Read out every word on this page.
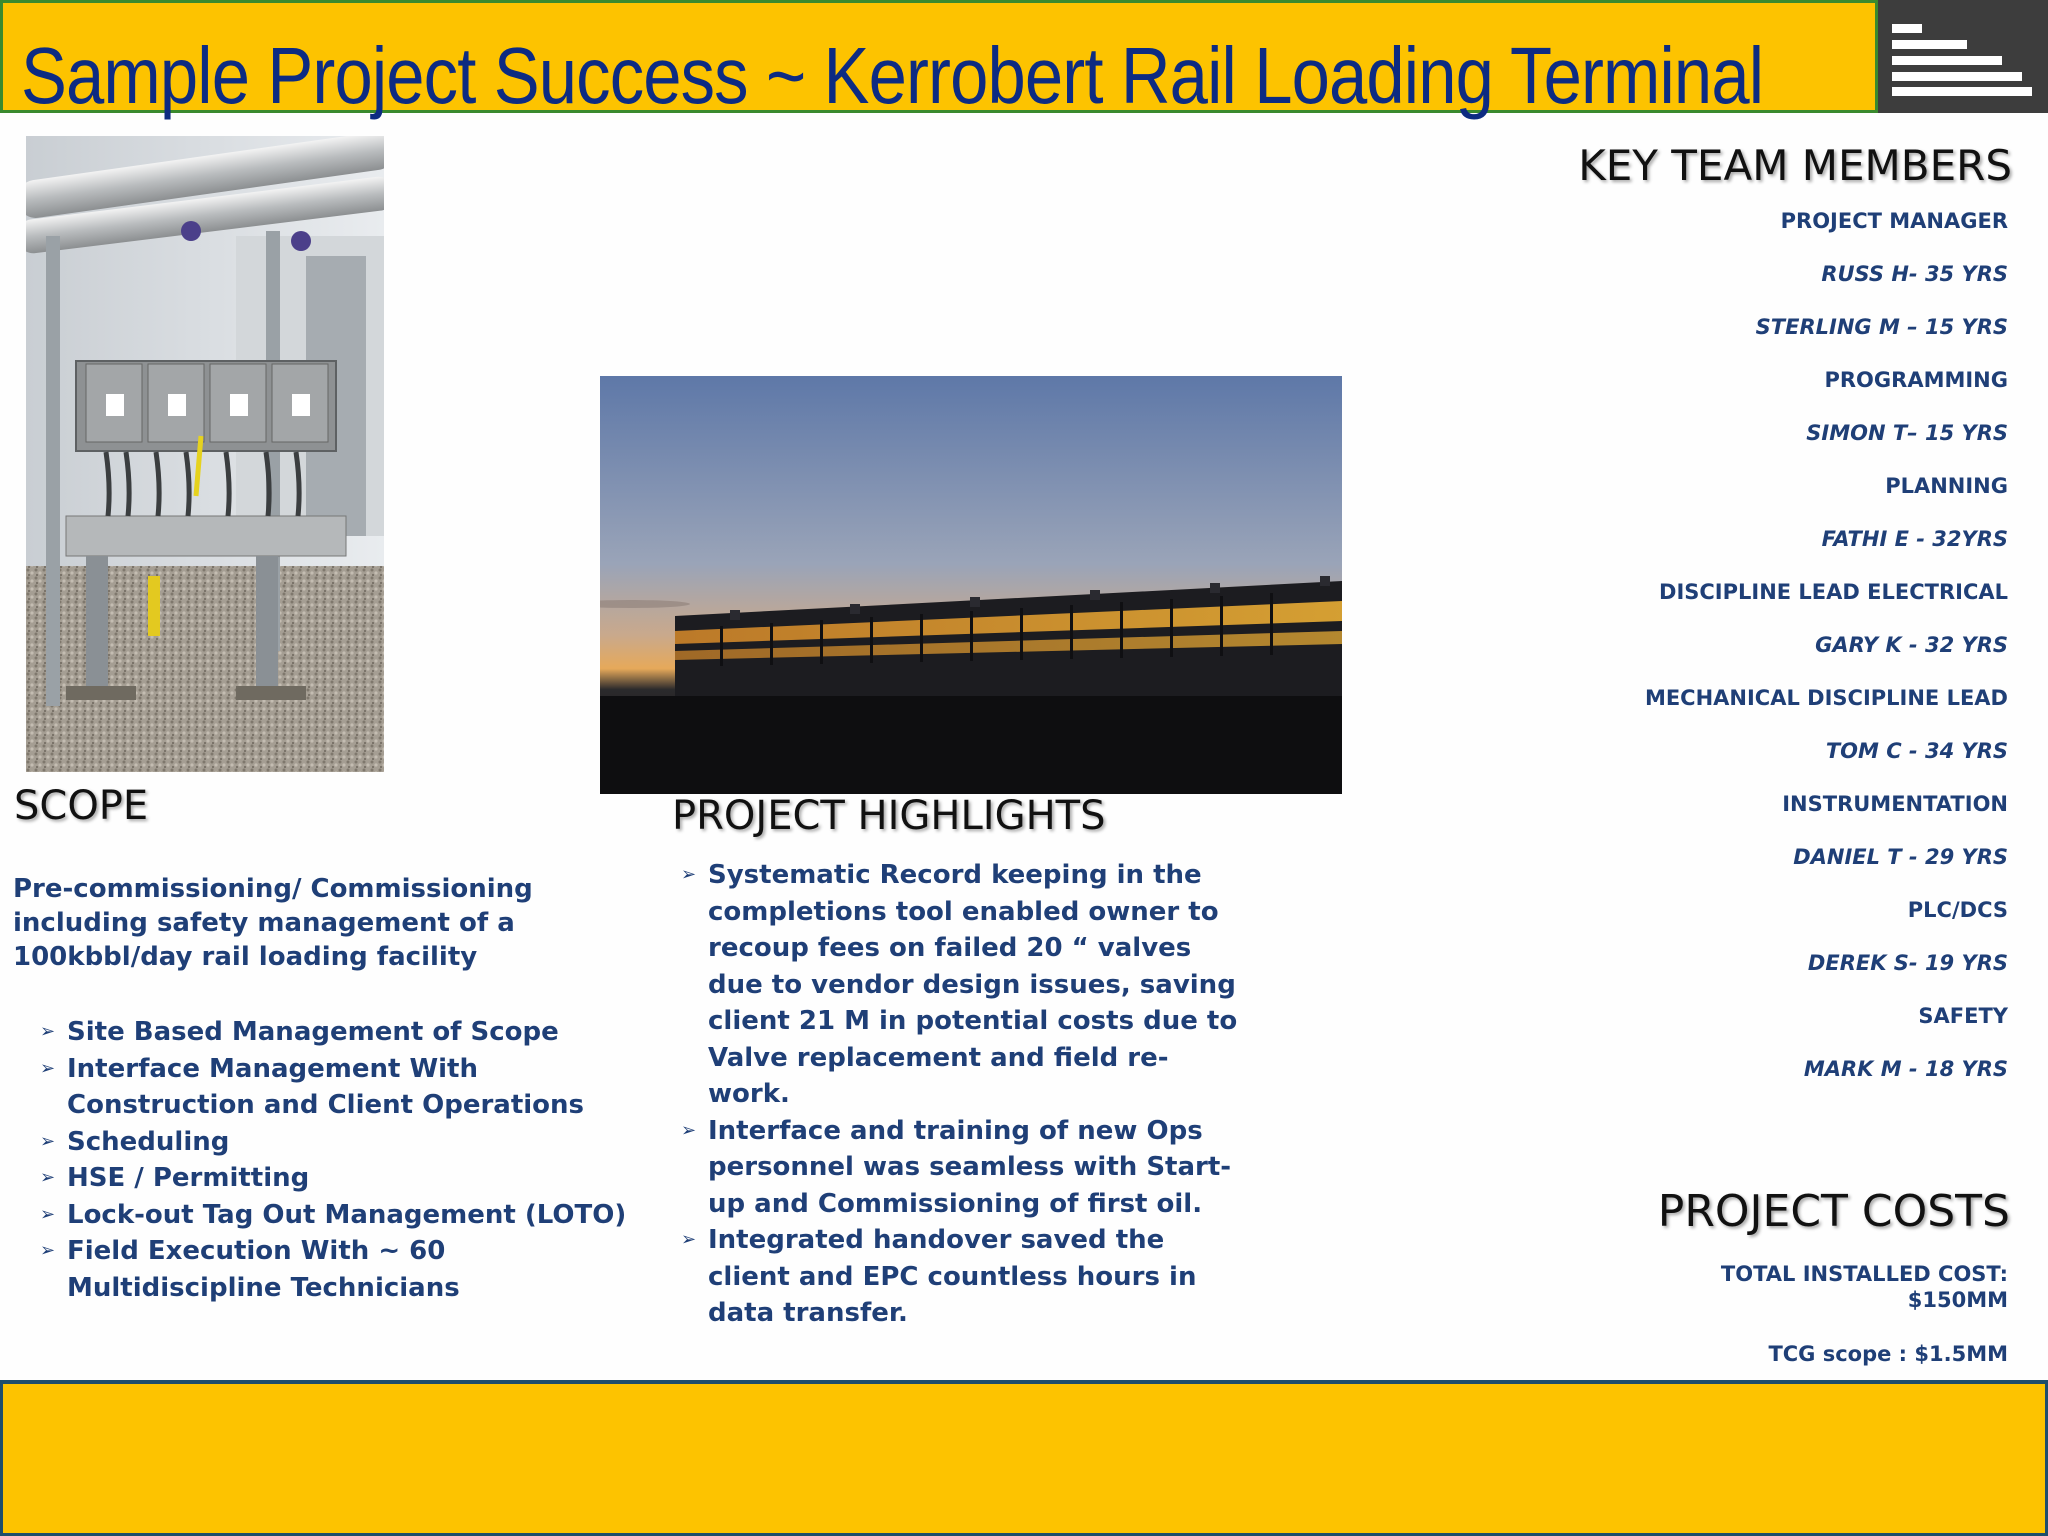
Sample Project Success ~ Kerrobert Rail Loading Terminal
SCOPE
Pre-commissioning/ Commissioning
including safety management of a
100kbbl/day rail loading facility
➢ Site Based Management of Scope
➢ Interface Management With Construction and Client Operations
➢ Scheduling
➢ HSE / Permitting
➢ Lock-out Tag Out Management (LOTO)
➢ Field Execution With ~ 60 Multidiscipline Technicians
PROJECT HIGHLIGHTS
➢ Systematic Record keeping in the completions tool enabled owner to recoup fees on failed 20 “ valves due to vendor design issues, saving client 21 M in potential costs due to Valve replacement and field re-work.
➢ Interface and training of new Ops personnel was seamless with Start-up and Commissioning of first oil.
➢ Integrated handover saved the client and EPC countless hours in data transfer.
KEY TEAM MEMBERS
PROJECT MANAGER
RUSS H- 35 YRS
STERLING M – 15 YRS
PROGRAMMING
SIMON T– 15 YRS
PLANNING
FATHI E - 32YRS
DISCIPLINE LEAD ELECTRICAL
GARY K - 32 YRS
MECHANICAL DISCIPLINE LEAD
TOM C - 34 YRS
INSTRUMENTATION
DANIEL T - 29 YRS
PLC/DCS
DEREK S- 19 YRS
SAFETY
MARK M - 18 YRS
PROJECT COSTS
TOTAL INSTALLED COST:
$150MM
TCG scope : $1.5MM
